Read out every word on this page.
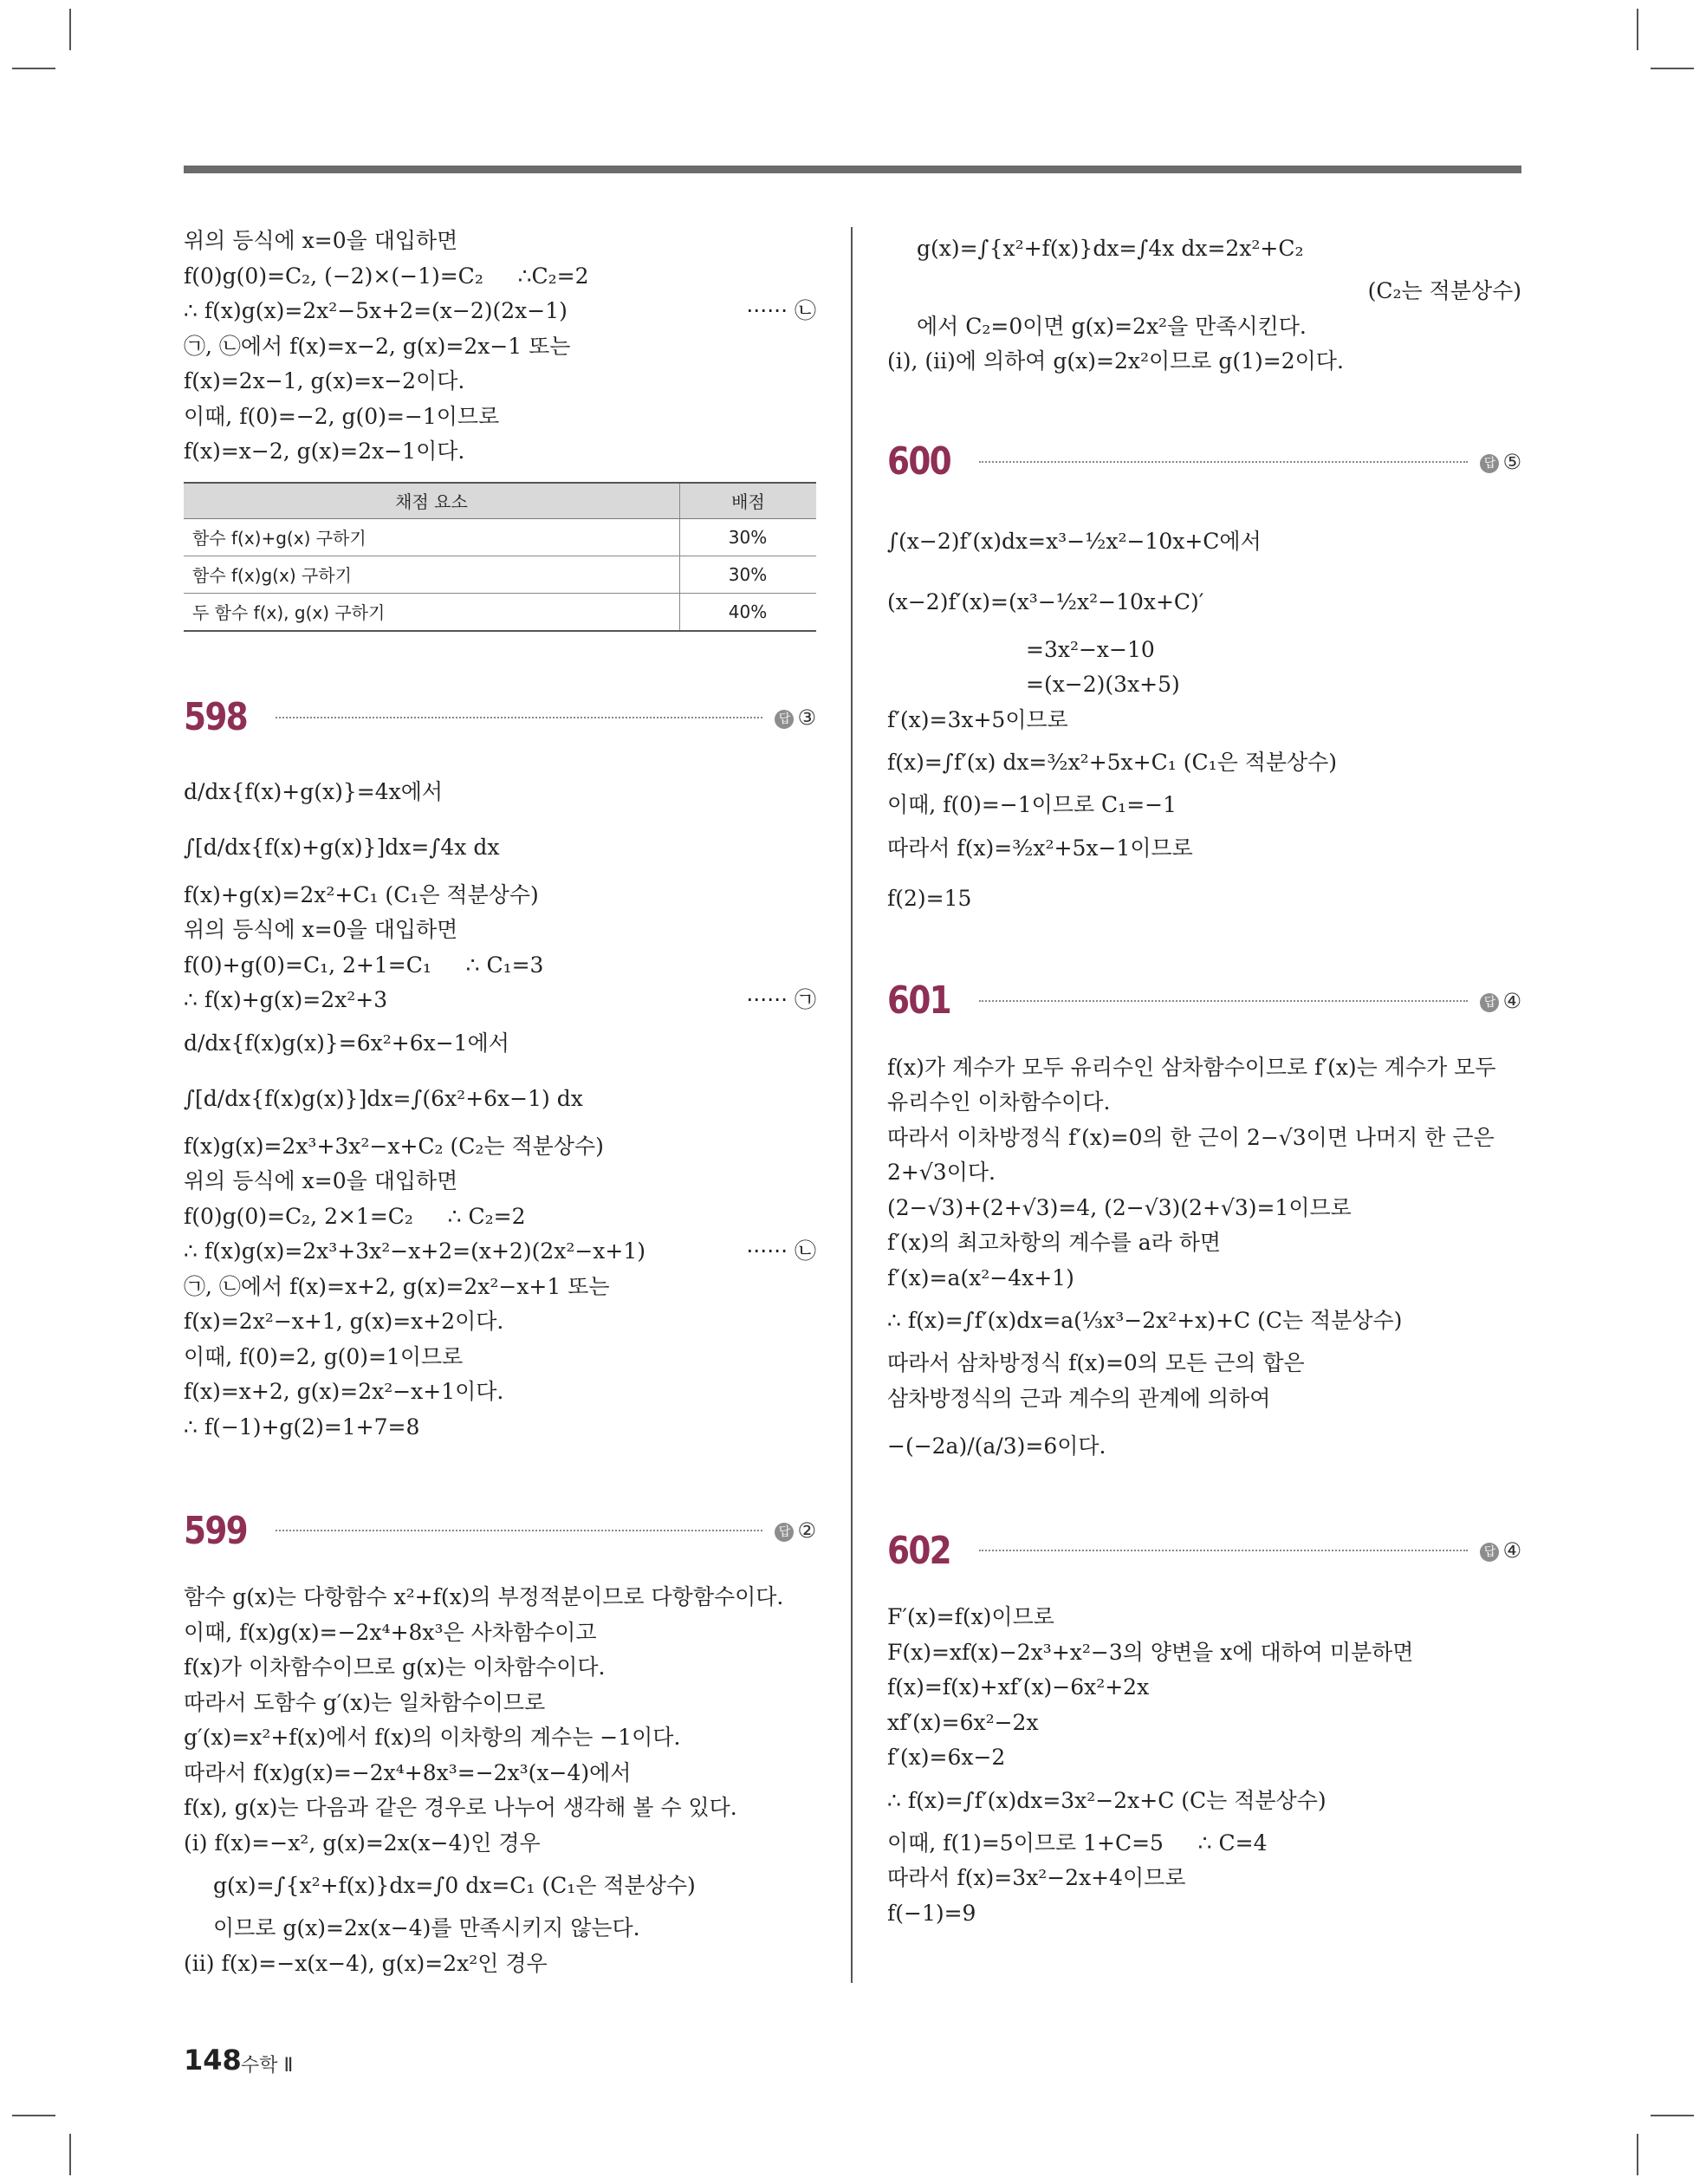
위의 등식에 x=0을 대입하면
f(0)g(0)=C₂, (−2)×(−1)=C₂     ∴C₂=2
∴ f(x)g(x)=2x²−5x+2=(x−2)(2x−1)	······ ㉡
㉠, ㉡에서 f(x)=x−2, g(x)=2x−1 또는
f(x)=2x−1, g(x)=x−2이다.
이때, f(0)=−2, g(0)=−1이므로
f(x)=x−2, g(x)=2x−1이다.
채점 요소	배점
함수 f(x)+g(x) 구하기	30%
함수 f(x)g(x) 구하기	30%
두 함수 f(x), g(x) 구하기	40%
598	답 ③
d/dx{f(x)+g(x)}=4x에서
∫[d/dx{f(x)+g(x)}]dx=∫4x dx
f(x)+g(x)=2x²+C₁ (C₁은 적분상수)
위의 등식에 x=0을 대입하면
f(0)+g(0)=C₁, 2+1=C₁     ∴ C₁=3
∴ f(x)+g(x)=2x²+3	······ ㉠
d/dx{f(x)g(x)}=6x²+6x−1에서
∫[d/dx{f(x)g(x)}]dx=∫(6x²+6x−1) dx
f(x)g(x)=2x³+3x²−x+C₂ (C₂는 적분상수)
위의 등식에 x=0을 대입하면
f(0)g(0)=C₂, 2×1=C₂     ∴ C₂=2
∴ f(x)g(x)=2x³+3x²−x+2=(x+2)(2x²−x+1)	······ ㉡
㉠, ㉡에서 f(x)=x+2, g(x)=2x²−x+1 또는
f(x)=2x²−x+1, g(x)=x+2이다.
이때, f(0)=2, g(0)=1이므로
f(x)=x+2, g(x)=2x²−x+1이다.
∴ f(−1)+g(2)=1+7=8
599	답 ②
함수 g(x)는 다항함수 x²+f(x)의 부정적분이므로 다항함수이다.
이때, f(x)g(x)=−2x⁴+8x³은 사차함수이고
f(x)가 이차함수이므로 g(x)는 이차함수이다.
따라서 도함수 g′(x)는 일차함수이므로
g′(x)=x²+f(x)에서 f(x)의 이차항의 계수는 −1이다.
따라서 f(x)g(x)=−2x⁴+8x³=−2x³(x−4)에서
f(x), g(x)는 다음과 같은 경우로 나누어 생각해 볼 수 있다.
(i) f(x)=−x², g(x)=2x(x−4)인 경우
g(x)=∫{x²+f(x)}dx=∫0 dx=C₁ (C₁은 적분상수)
이므로 g(x)=2x(x−4)를 만족시키지 않는다.
(ii) f(x)=−x(x−4), g(x)=2x²인 경우
g(x)=∫{x²+f(x)}dx=∫4x dx=2x²+C₂
(C₂는 적분상수)
에서 C₂=0이면 g(x)=2x²을 만족시킨다.
(i), (ii)에 의하여 g(x)=2x²이므로 g(1)=2이다.
600	답 ⑤
∫(x−2)f′(x)dx=x³−½x²−10x+C에서
(x−2)f′(x)=(x³−½x²−10x+C)′
=3x²−x−10
=(x−2)(3x+5)
f′(x)=3x+5이므로
f(x)=∫f′(x) dx=³⁄₂x²+5x+C₁ (C₁은 적분상수)
이때, f(0)=−1이므로 C₁=−1
따라서 f(x)=³⁄₂x²+5x−1이므로
f(2)=15
601	답 ④
f(x)가 계수가 모두 유리수인 삼차함수이므로 f′(x)는 계수가 모두
유리수인 이차함수이다.
따라서 이차방정식 f′(x)=0의 한 근이 2−√3이면 나머지 한 근은
2+√3이다.
(2−√3)+(2+√3)=4, (2−√3)(2+√3)=1이므로
f′(x)의 최고차항의 계수를 a라 하면
f′(x)=a(x²−4x+1)
∴ f(x)=∫f′(x)dx=a(⅓x³−2x²+x)+C (C는 적분상수)
따라서 삼차방정식 f(x)=0의 모든 근의 합은
삼차방정식의 근과 계수의 관계에 의하여
−(−2a)/(a/3)=6이다.
602	답 ④
F′(x)=f(x)이므로
F(x)=xf(x)−2x³+x²−3의 양변을 x에 대하여 미분하면
f(x)=f(x)+xf′(x)−6x²+2x
xf′(x)=6x²−2x
f′(x)=6x−2
∴ f(x)=∫f′(x)dx=3x²−2x+C (C는 적분상수)
이때, f(1)=5이므로 1+C=5     ∴ C=4
따라서 f(x)=3x²−2x+4이므로
f(−1)=9
148 수학 Ⅱ
